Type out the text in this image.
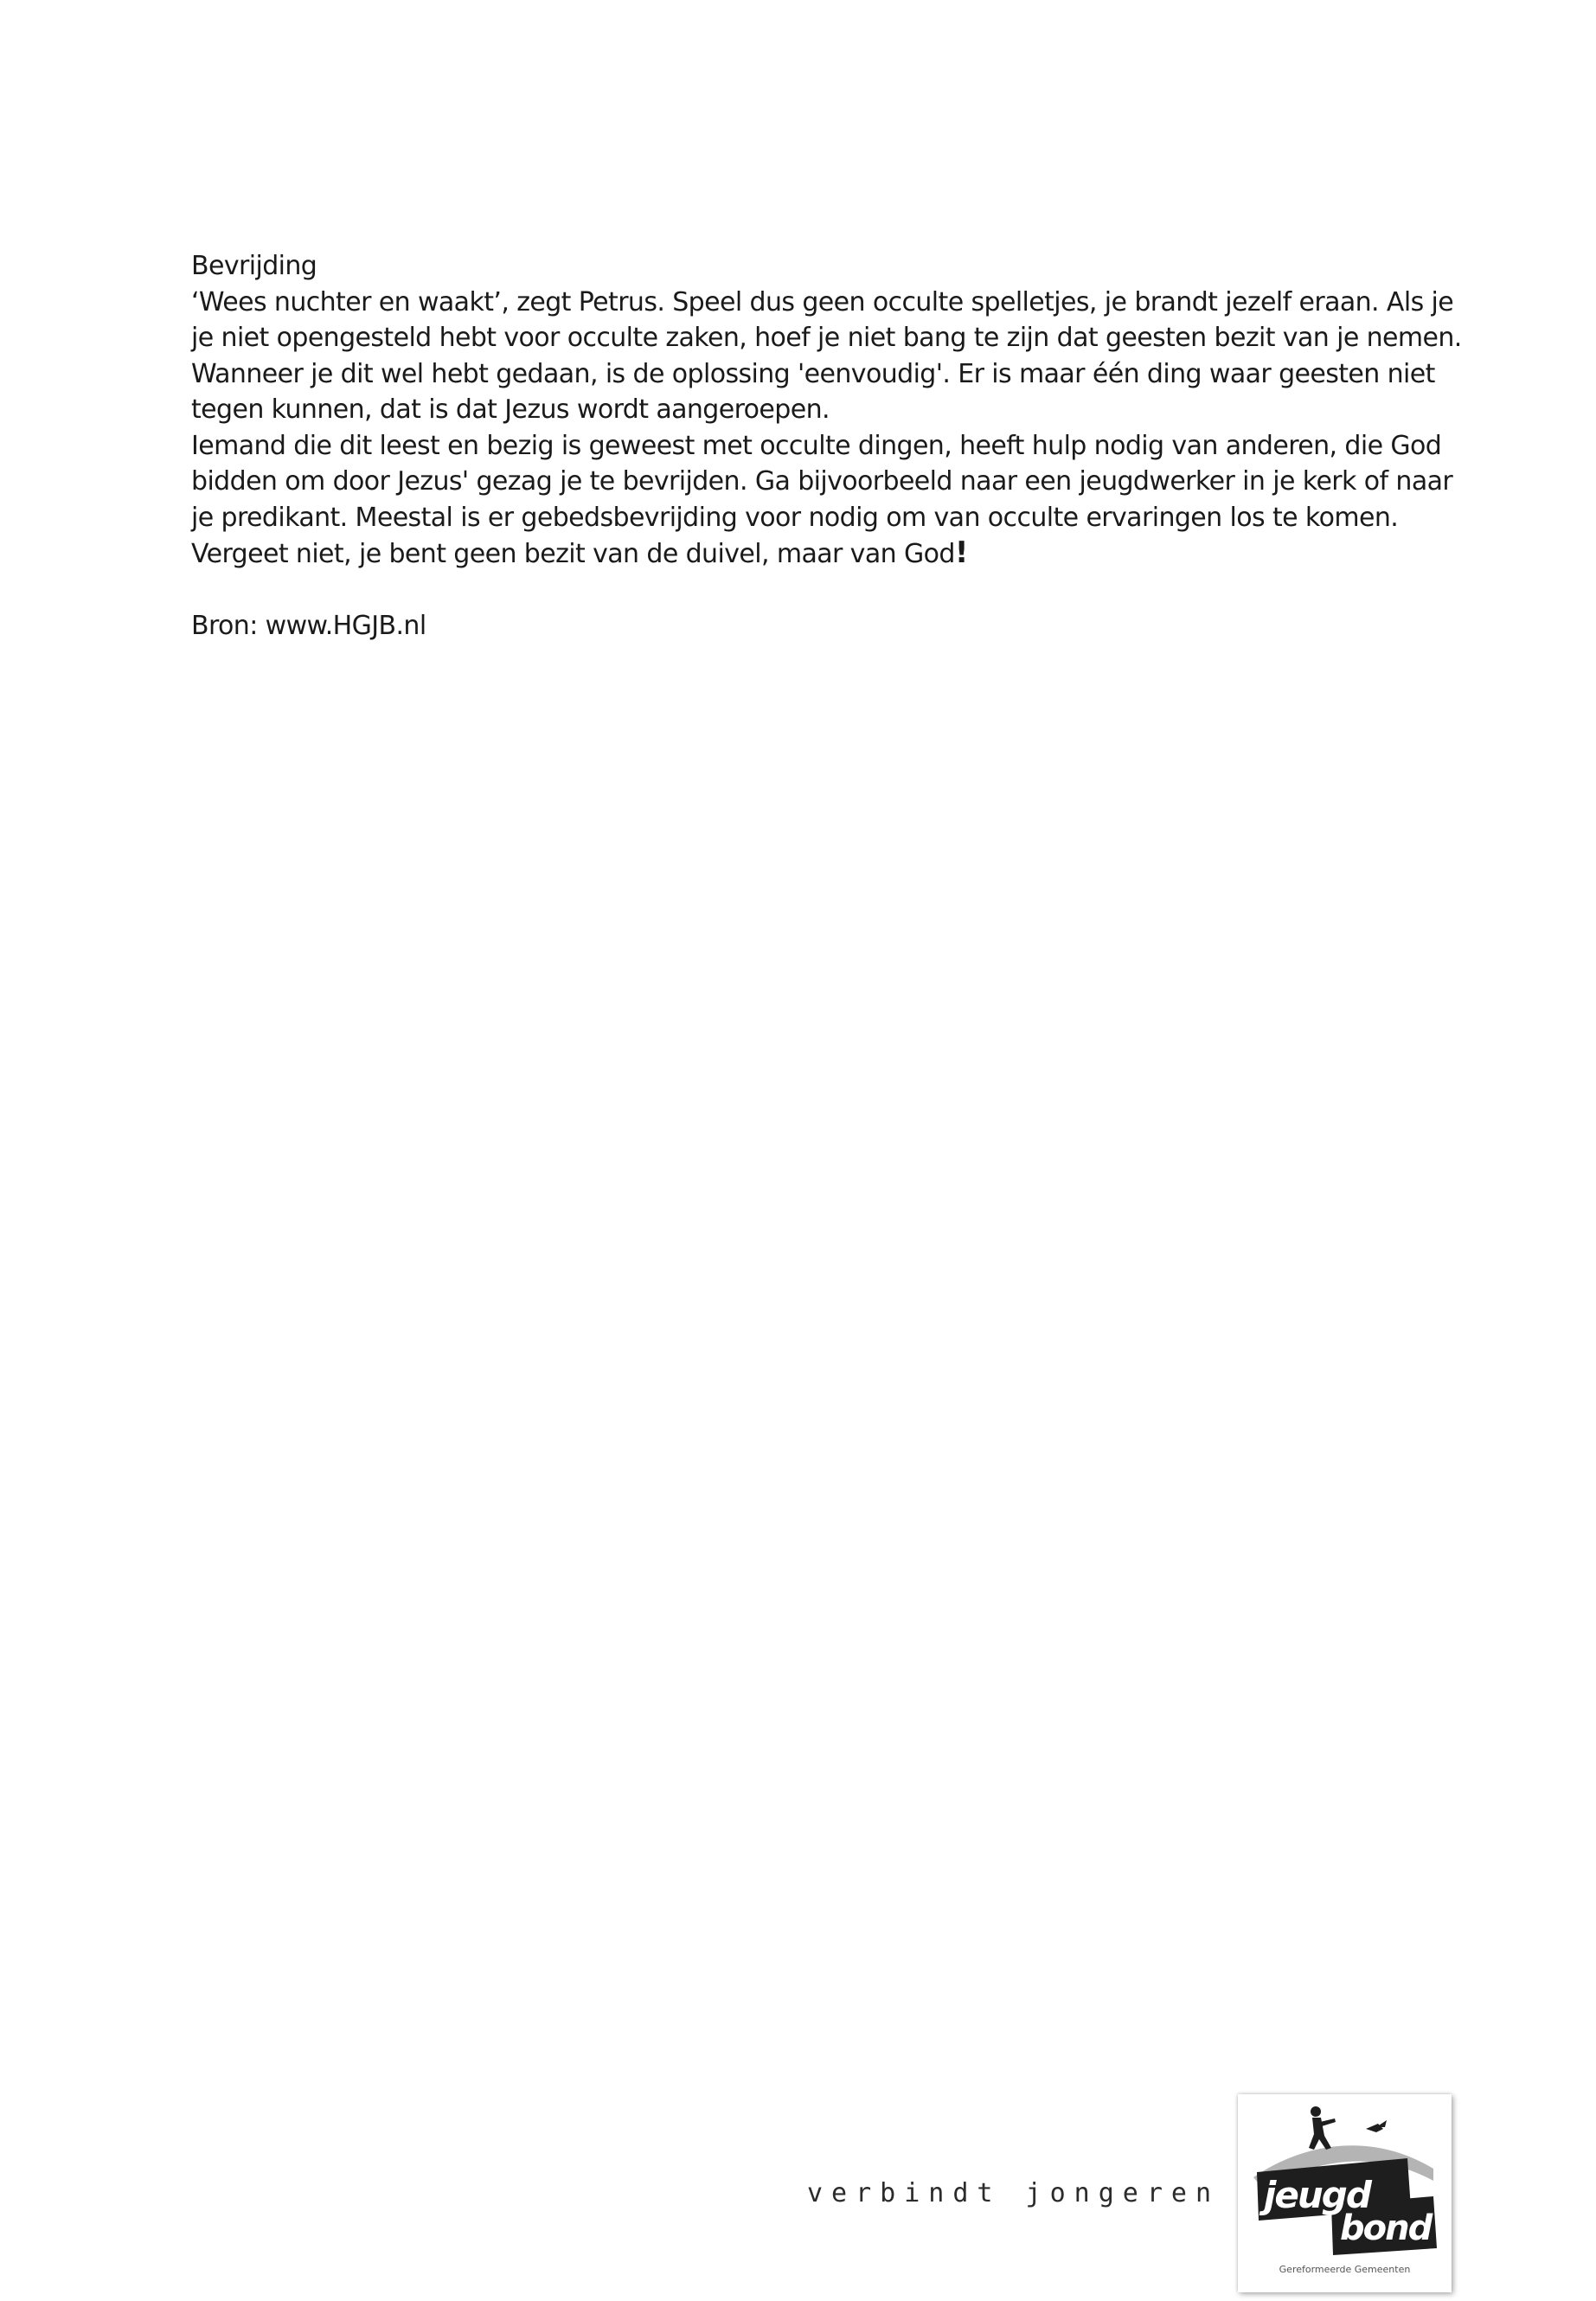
Bevrijding

‘Wees nuchter en waakt’, zegt Petrus. Speel dus geen occulte spelletjes, je brandt jezelf eraan. Als je

je niet opengesteld hebt voor occulte zaken, hoef je niet bang te zijn dat geesten bezit van je nemen.

Wanneer je dit wel hebt gedaan, is de oplossing 'eenvoudig'. Er is maar één ding waar geesten niet

tegen kunnen, dat is dat Jezus wordt aangeroepen.

Iemand die dit leest en bezig is geweest met occulte dingen, heeft hulp nodig van anderen, die God

bidden om door Jezus' gezag je te bevrijden. Ga bijvoorbeeld naar een jeugdwerker in je kerk of naar

je predikant. Meestal is er gebedsbevrijding voor nodig om van occulte ervaringen los te komen.

Vergeet niet, je bent geen bezit van de duivel, maar van God!

Bron: www.HGJB.nl

verbindt jongeren jeugd
bond
Gereformeerde Gemeenten
